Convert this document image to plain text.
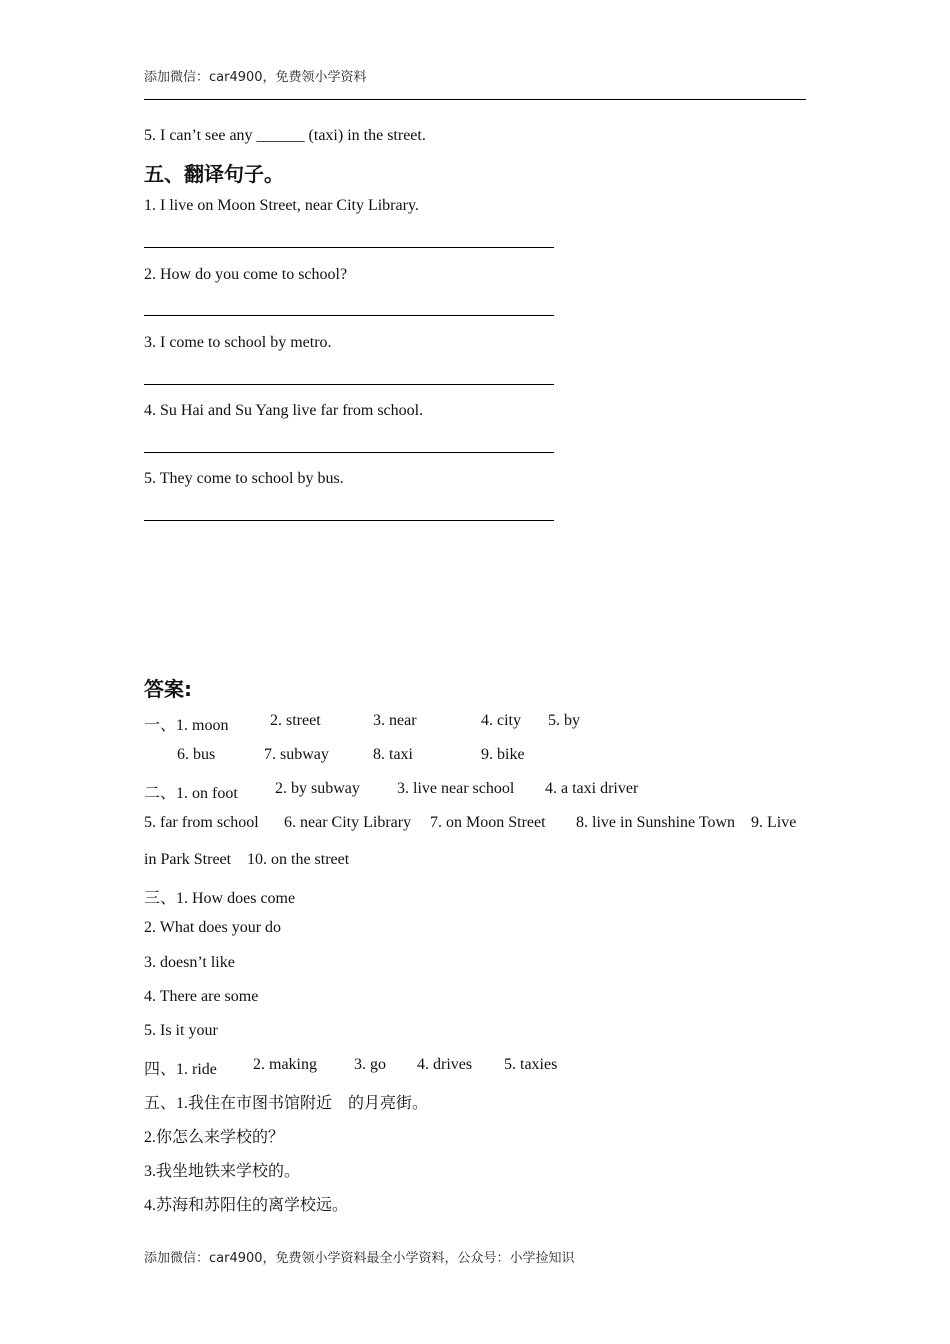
添加微信：car4900，免费领小学资料
5. I can’t see any ______ (taxi) in the street.
五、翻译句子。
1. I live on Moon Street, near City Library.
2. How do you come to school?
3. I come to school by metro.
4. Su Hai and Su Yang live far from school.
5. They come to school by bus.
答案:
一、1. moon	2. street	3. near	4. city 5. by
6. bus	7. subway	8. taxi	9. bike
二、1. on foot 2. by subway 3. live near school 4. a taxi driver
5. far from school 6. near City Library 7. on Moon Street 8. live in Sunshine Town 9. Live
in Park Street 10. on the street
三、1. How does come
2. What does your do
3. doesn’t like
4. There are some
5. Is it your
四、1. ride 2. making 3. go 4. drives 5. taxies
五、1.我住在市图书馆附近　的月亮街。
2.你怎么来学校的？
3.我坐地铁来学校的。
4.苏海和苏阳住的离学校远。
添加微信：car4900，免费领小学资料最全小学资料，公众号：小学捡知识
